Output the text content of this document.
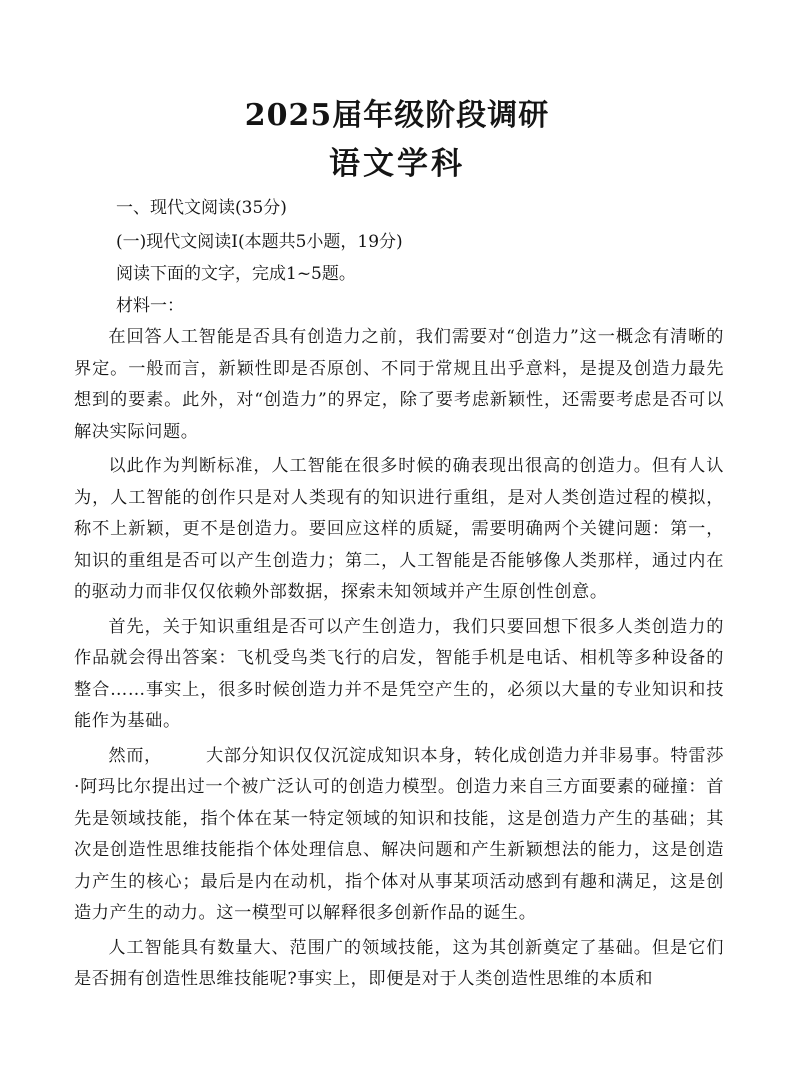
2025届年级阶段调研
语文学科
一、现代文阅读(35分)
(一)现代文阅读I(本题共5小题，19分)
阅读下面的文字，完成1~5题。
材料一：

在回答人工智能是否具有创造力之前，我们需要对“创造力”这一概念有清晰的界定。一般而言，新颖性即是否原创、不同于常规且出乎意料，是提及创造力最先想到的要素。此外，对“创造力”的界定，除了要考虑新颖性，还需要考虑是否可以解决实际问题。

以此作为判断标准，人工智能在很多时候的确表现出很高的创造力。但有人认为，人工智能的创作只是对人类现有的知识进行重组，是对人类创造过程的模拟，称不上新颖，更不是创造力。要回应这样的质疑，需要明确两个关键问题：第一，知识的重组是否可以产生创造力；第二，人工智能是否能够像人类那样，通过内在的驱动力而非仅仅依赖外部数据，探索未知领域并产生原创性创意。

首先，关于知识重组是否可以产生创造力，我们只要回想下很多人类创造力的作品就会得出答案：飞机受鸟类飞行的启发，智能手机是电话、相机等多种设备的整合……事实上，很多时候创造力并不是凭空产生的，必须以大量的专业知识和技能作为基础。

然而，	大部分知识仅仅沉淀成知识本身，转化成创造力并非易事。特雷莎·阿玛比尔提出过一个被广泛认可的创造力模型。创造力来自三方面要素的碰撞：首先是领域技能，指个体在某一特定领域的知识和技能，这是创造力产生的基础；其次是创造性思维技能指个体处理信息、解决问题和产生新颖想法的能力，这是创造力产生的核心；最后是内在动机，指个体对从事某项活动感到有趣和满足，这是创造力产生的动力。这一模型可以解释很多创新作品的诞生。

人工智能具有数量大、范围广的领域技能，这为其创新奠定了基础。但是它们是否拥有创造性思维技能呢?事实上，即便是对于人类创造性思维的本质和
